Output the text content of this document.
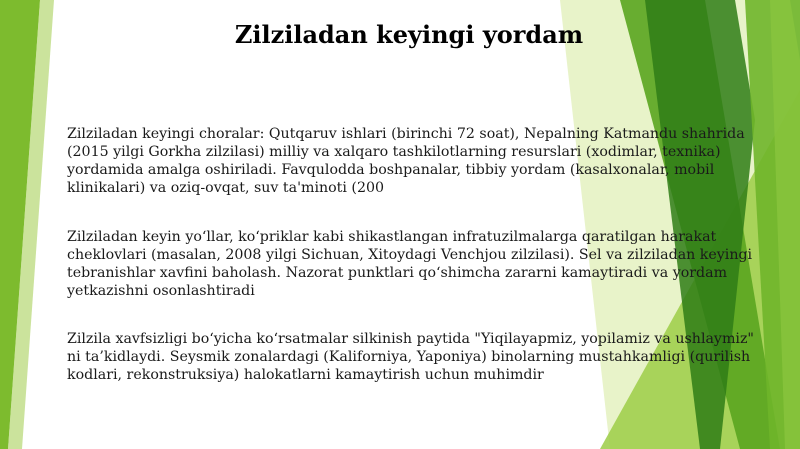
Zilziladan keyingi yordam

Zilziladan keyingi choralar: Qutqaruv ishlari (birinchi 72 soat), Nepalning Katmandu shahrida (2015 yilgi Gorkha zilzilasi) milliy va xalqaro tashkilotlarning resurslari (xodimlar, texnika) yordamida amalga oshiriladi. Favqulodda boshpanalar, tibbiy yordam (kasalxonalar, mobil klinikalari) va oziq-ovqat, suv ta'minoti (200

Zilziladan keyin yo‘llar, ko‘priklar kabi shikastlangan infratuzilmalarga qaratilgan harakat cheklovlari (masalan, 2008 yilgi Sichuan, Xitoydagi Venchjou zilzilasi). Sel va zilziladan keyingi tebranishlar xavfini baholash. Nazorat punktlari qo‘shimcha zararni kamaytiradi va yordam yetkazishni osonlashtiradi

Zilzila xavfsizligi bo‘yicha ko‘rsatmalar silkinish paytida "Yiqilayapmiz, yopilamiz va ushlaymiz" ni ta’kidlaydi. Seysmik zonalardagi (Kaliforniya, Yaponiya) binolarning mustahkamligi (qurilish kodlari, rekonstruksiya) halokatlarni kamaytirish uchun muhimdir
